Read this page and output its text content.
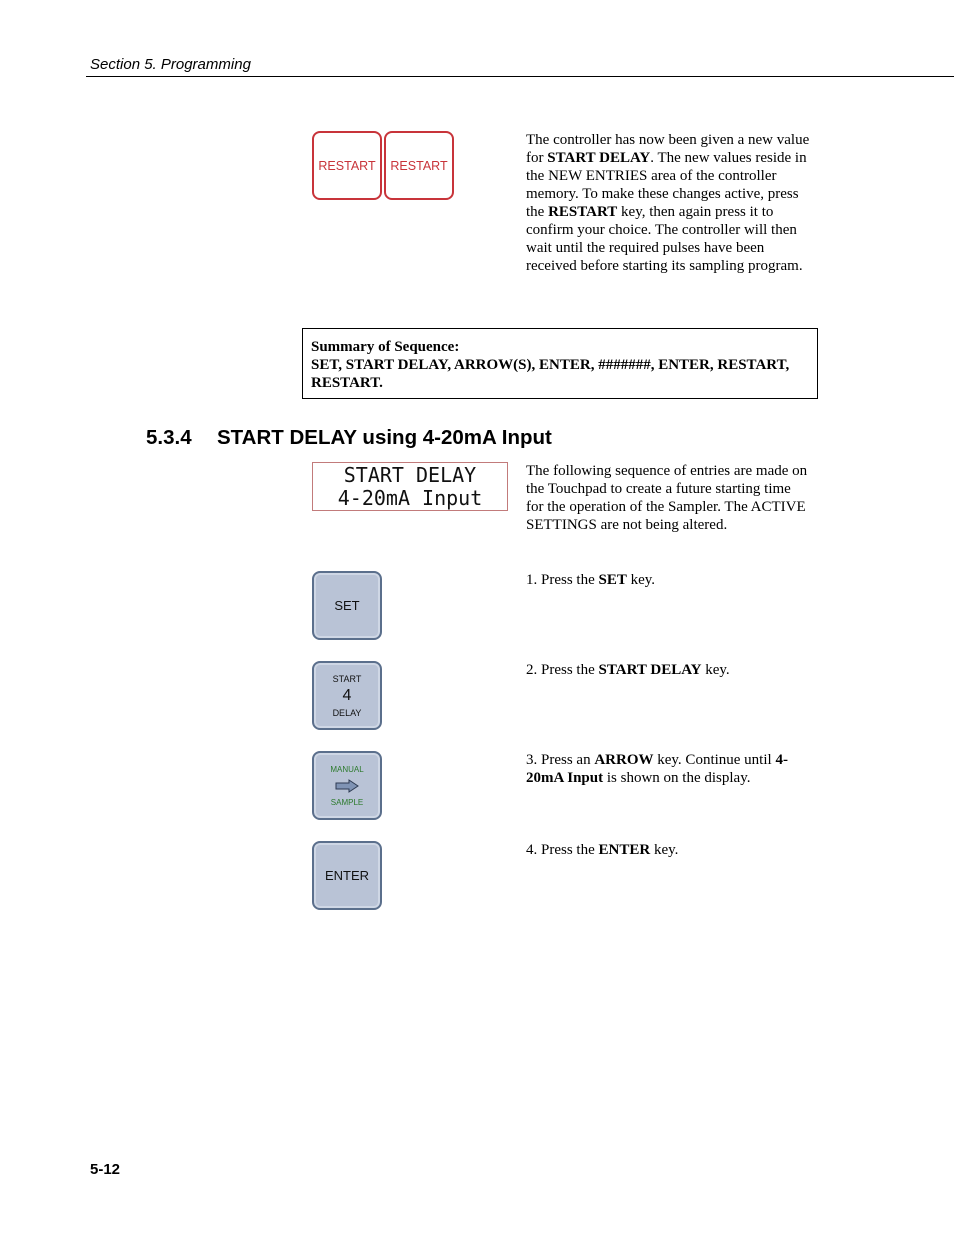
Section 5. Programming
RESTART RESTART
The controller has now been given a new value for START DELAY. The new values reside in the NEW ENTRIES area of the controller memory. To make these changes active, press the RESTART key, then again press it to confirm your choice. The controller will then wait until the required pulses have been received before starting its sampling program.
Summary of Sequence:
SET, START DELAY, ARROW(S), ENTER, #######, ENTER, RESTART, RESTART.
5.3.4 START DELAY using 4-20mA Input
START DELAY
4-20mA Input
The following sequence of entries are made on the Touchpad to create a future starting time for the operation of the Sampler. The ACTIVE SETTINGS are not being altered.
SET
1. Press the SET key.
START
4
DELAY
2. Press the START DELAY key.
MANUAL
SAMPLE
3. Press an ARROW key. Continue until 4-20mA Input is shown on the display.
ENTER
4. Press the ENTER key.
5-12
